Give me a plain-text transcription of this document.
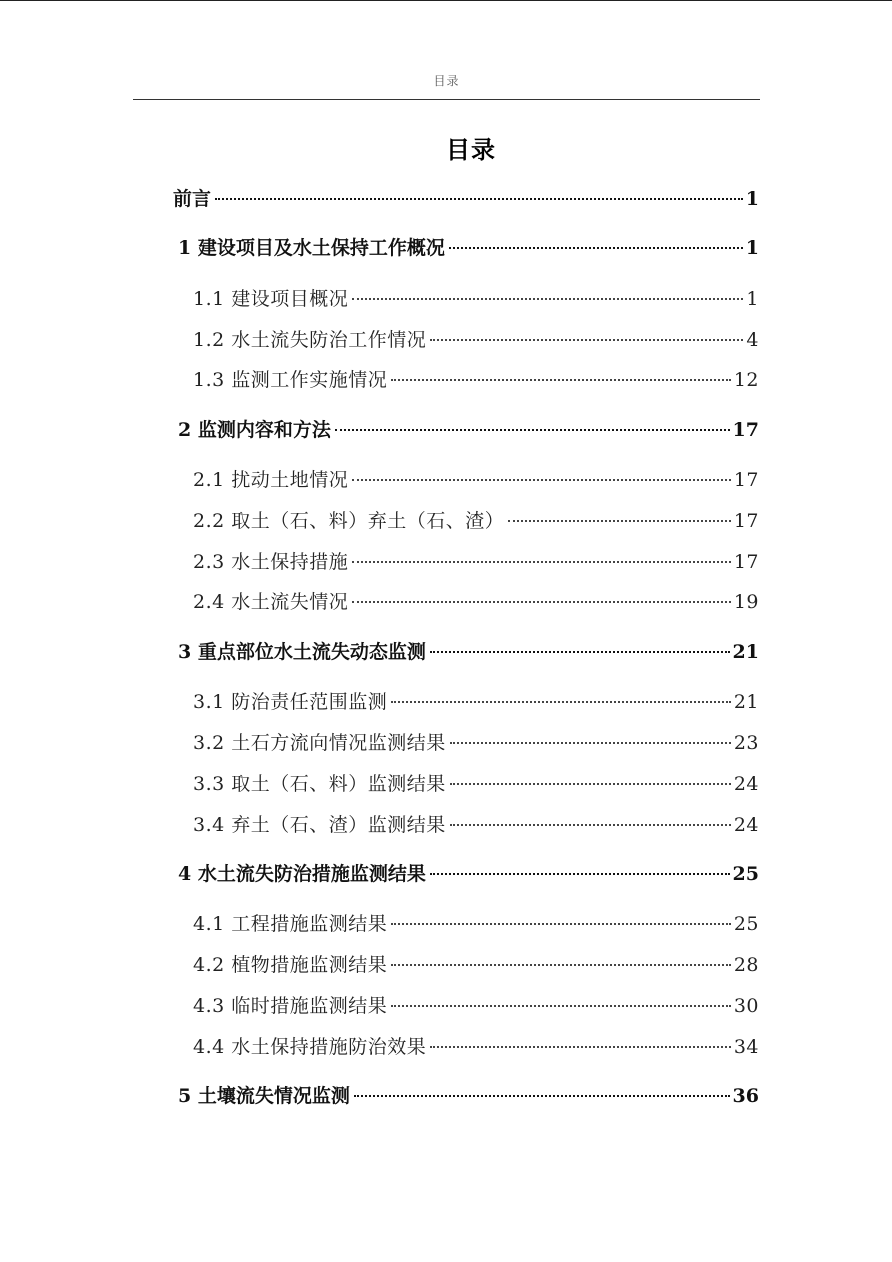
目录
目录
前言	1
1 建设项目及水土保持工作概况	1
1.1 建设项目概况	1
1.2 水土流失防治工作情况	4
1.3 监测工作实施情况	12
2 监测内容和方法	17
2.1 扰动土地情况	17
2.2 取土（石、料）弃土（石、渣）	17
2.3 水土保持措施	17
2.4 水土流失情况	19
3 重点部位水土流失动态监测	21
3.1 防治责任范围监测	21
3.2 土石方流向情况监测结果	23
3.3 取土（石、料）监测结果	24
3.4 弃土（石、渣）监测结果	24
4 水土流失防治措施监测结果	25
4.1 工程措施监测结果	25
4.2 植物措施监测结果	28
4.3 临时措施监测结果	30
4.4 水土保持措施防治效果	34
5 土壤流失情况监测	36
